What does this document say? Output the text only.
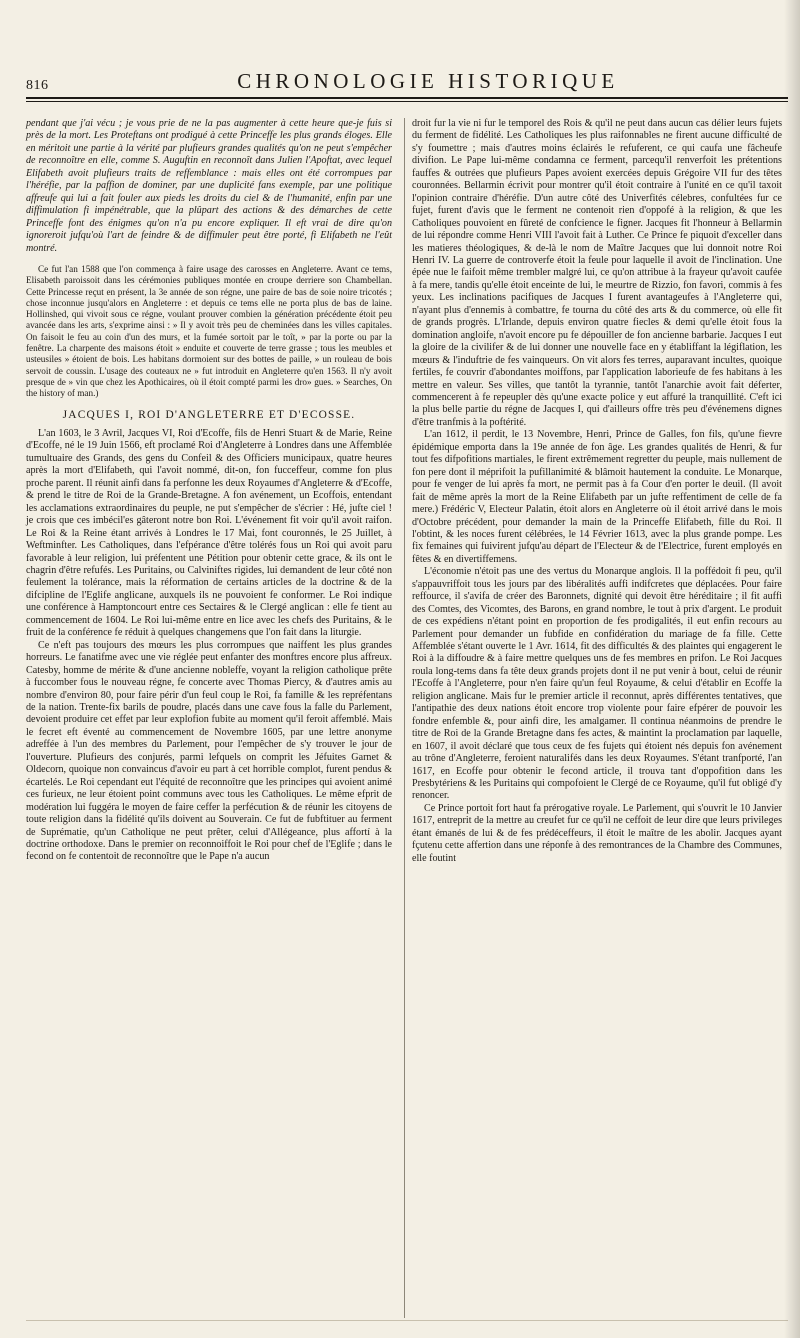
816	CHRONOLOGIE HISTORIQUE

pendant que j'ai vécu ; je vous prie de ne la pas augmenter à cette heure que-je fuis si près de la mort. Les Proteftans ont prodigué à cette Princeffe les plus grands éloges. Elle en méritoit une partie à la vérité par plufieurs grandes qualités qu'on ne peut s'empêcher de reconnoître en elle, comme S. Auguftin en reconnoît dans Julien l'Apoftat, avec lequel Elifabeth avoit plufieurs traits de reffemblance : mais elles ont été corrompues par l'héréfie, par la paffion de dominer, par une duplicité fans exemple, par une politique affreufe qui lui a fait fouler aux pieds les droits du ciel & de l'humanité, enfin par une diffimulation fi impénétrable, que la plûpart des actions & des démarches de cette Princeffe font des énigmes qu'on n'a pu encore expliquer. Il eft vrai de dire qu'on ignoreroit jufqu'où l'art de feindre & de diffimuler peut être porté, fi Elifabeth ne l'eût montré.

Ce fut l'an 1588 que l'on commença à faire usage des carosses en Angleterre. Avant ce tems, Elisabeth paroissoit dans les cérémonies publiques montée en croupe derriere son Chambellan. Cette Princesse reçut en présent, la 3e année de son régne, une paire de bas de soie noire tricotés ; chose inconnue jusqu'alors en Angleterre : et depuis ce tems elle ne porta plus de bas de laine. Hollinshed, qui vivoit sous ce régne, voulant prouver combien la génération précédente étoit peu avancée dans les arts, s'exprime ainsi : » Il y avoit très peu de cheminées dans les villes capitales. On faisoit le feu au coin d'un des murs, et la fumée sortoit par le toît, » par la porte ou par la fenêtre. La charpente des maisons étoit » enduite et couverte de terre grasse ; tous les meubles et usteusiles » étoient de bois. Les habitans dormoient sur des bottes de paille, » un rouleau de bois servoit de coussin. L'usage des couteaux ne » fut introduit en Angleterre qu'en 1563. Il n'y avoit presque de » vin que chez les Apothicaires, où il étoit compté parmi les dro» gues. » Searches, On the history of man.)

JACQUES I, ROI D'ANGLETERRE ET D'ECOSSE.

L'an 1603, le 3 Avril, Jacques VI, Roi d'Ecoffe, fils de Henri Stuart & de Marie, Reine d'Ecoffe, né le 19 Juin 1566, eft proclamé Roi d'Angleterre à Londres dans une Affemblée tumultuaire des Grands, des gens du Confeil & des Officiers municipaux, quatre heures après la mort d'Elifabeth, qui l'avoit nommé, dit-on, fon fucceffeur, comme fon plus proche parent. Il réunit ainfi dans fa perfonne les deux Royaumes d'Angleterre & d'Ecoffe, & prend le titre de Roi de la Grande-Bretagne. A fon avénement, un Ecoffois, entendant les acclamations extraordinaires du peuple, ne put s'empêcher de s'écrier : Hé, jufte ciel ! je crois que ces imbécil'es gâteront notre bon Roi. L'événement fit voir qu'il avoit raifon. Le Roi & la Reine étant arrivés à Londres le 17 Mai, font couronnés, le 25 Juillet, à Weftminfter. Les Catholiques, dans l'efpérance d'être tolérés fous un Roi qui avoit paru favorable à leur religion, lui préfentent une Pétition pour obtenir cette grace, & ils ont le chagrin d'être refufés. Les Puritains, ou Calviniftes rigides, lui demandent de leur côté non feulement la tolérance, mais la réformation de certains articles de la doctrine & de la difcipline de l'Eglife anglicane, auxquels ils ne pouvoient fe conformer. Le Roi indique une conférence à Hamptoncourt entre ces Sectaires & le Clergé anglican : elle fe tient au commencement de 1604. Le Roi lui-même entre en lice avec les chefs des Puritains, & le fruit de la conférence fe réduit à quelques changemens que l'on fait dans la liturgie.

Ce n'eft pas toujours des mœurs les plus corrompues que naiffent les plus grandes horreurs. Le fanatifme avec une vie réglée peut enfanter des monftres encore plus affreux. Catesby, homme de mérite & d'une ancienne nobleffe, voyant la religion catholique prête à fuccomber fous le nouveau régne, fe concerte avec Thomas Piercy, & d'autres amis au nombre d'environ 80, pour faire périr d'un feul coup le Roi, fa famille & les repréfentans de la nation. Trente-fix barils de poudre, placés dans une cave fous la falle du Parlement, devoient produire cet effet par leur explofion fubite au moment qu'il feroit affemblé. Mais le fecret eft éventé au commencement de Novembre 1605, par une lettre anonyme adreffée à l'un des membres du Parlement, pour l'empêcher de s'y trouver le jour de l'ouverture. Plufieurs des conjurés, parmi lefquels on comprit les Jéfuites Garnet & Oldecorn, quoique non convaincus d'avoir eu part à cet horrible complot, furent pendus & écartelés. Le Roi cependant eut l'équité de reconnoître que les principes qui avoient animé ces furieux, ne leur étoient point communs avec tous les Catholiques. Le même efprit de modération lui fuggéra le moyen de faire ceffer la perfécution & de réunir les citoyens de toute religion dans la fidélité qu'ils doivent au Souverain. Ce fut de fubftituer au ferment de Suprématie, qu'un Catholique ne peut prêter, celui d'Allégeance, plus affortí à la doctrine orthodoxe. Dans le premier on reconnoiffoit le Roi pour chef de l'Eglife ; dans le fecond on fe contentoit de reconnoître que le Pape n'a aucun

droit fur la vie ni fur le temporel des Rois & qu'il ne peut dans aucun cas délier leurs fujets du ferment de fidélité. Les Catholiques les plus raifonnables ne firent aucune difficulté de s'y foumettre ; mais d'autres moins éclairés le refuferent, ce qui caufa une fâcheufe divifion. Le Pape lui-même condamna ce ferment, parcequ'il renverfoit les prétentions fauffes & outrées que plufieurs Papes avoient exercées depuis Grégoire VII fur des têtes couronnées. Bellarmin écrivit pour montrer qu'il étoit contraire à l'unité en ce qu'il taxoit l'opinion contraire d'héréfie. D'un autre côté des Univerfités célebres, confultées fur ce fujet, furent d'avis que le ferment ne contenoit rien d'oppofé à la religion, & que les Catholiques pouvoient en fûreté de confcience le figner. Jacques fit l'honneur à Bellarmin de lui répondre comme Henri VIII l'avoit fait à Luther. Ce Prince fe piquoit d'exceller dans les matieres théologiques, & de-là le nom de Maître Jacques que lui donnoit notre Roi Henri IV. La guerre de controverfe étoit la feule pour laquelle il avoit de l'inclination. Une épée nue le faifoit même trembler malgré lui, ce qu'on attribue à la frayeur qu'avoit caufée à fa mere, tandis qu'elle étoit enceinte de lui, le meurtre de Rizzio, fon favori, commis à fes yeux. Les inclinations pacifiques de Jacques I furent avantageufes à l'Angleterre qui, n'ayant plus d'ennemis à combattre, fe tourna du côté des arts & du commerce, où elle fit de grands progrès. L'Irlande, depuis environ quatre fiecles & demi qu'elle étoit fous la domination angloife, n'avoit encore pu fe dépouiller de fon ancienne barbarie. Jacques I eut la gloire de la civilifer & de lui donner une nouvelle face en y établiffant la légiflation, les mœurs & l'induftrie de fes vainqueurs. On vit alors fes terres, auparavant incultes, quoique fertiles, fe couvrir d'abondantes moiffons, par l'application laborieufe de fes habitans à les mettre en valeur. Ses villes, que tantôt la tyrannie, tantôt l'anarchie avoit fait déferter, commencerent à fe repeupler dès qu'une exacte police y eut affuré la tranquillité. C'eft ici la plus belle partie du régne de Jacques I, qui d'ailleurs offre très peu d'événemens dignes d'être tranfmis à la poftérité.

L'an 1612, il perdit, le 13 Novembre, Henri, Prince de Galles, fon fils, qu'une fievre épidémique emporta dans la 19e année de fon âge. Les grandes qualités de Henri, & fur tout fes difpofitions martiales, le firent extrêmement regretter du peuple, mais nullement de fon pere dont il méprifoit la pufillanimité & blâmoit hautement la conduite. Le Monarque, pour fe venger de lui après fa mort, ne permit pas à fa Cour d'en porter le deuil. (Il avoit fait de même après la mort de la Reine Elifabeth par un jufte reffentiment de celle de fa mere.) Frédéric V, Electeur Palatin, étoit alors en Angleterre où il étoit arrivé dans le mois d'Octobre précédent, pour demander la main de la Princeffe Elifabeth, fille du Roi. Il l'obtint, & les noces furent célébrées, le 14 Février 1613, avec la plus grande pompe. Les fix femaines qui fuivirent jufqu'au départ de l'Electeur & de l'Electrice, furent employés en fêtes & en divertiffemens.

L'économie n'étoit pas une des vertus du Monarque anglois. Il la poffédoit fi peu, qu'il s'appauvriffoit tous les jours par des libéralités auffi indifcretes que déplacées. Pour faire reffource, il s'avifa de créer des Baronnets, dignité qui devoit être héréditaire ; il fit auffi des Comtes, des Vicomtes, des Barons, en grand nombre, le tout à prix d'argent. Le produit de ces expédiens n'étant point en proportion de fes prodigalités, il eut enfin recours au Parlement pour demander un fubfide en confidération du mariage de fa fille. Cette Affemblée s'étant ouverte le 1 Avr. 1614, fit des difficultés & des plaintes qui engagerent le Roi à la diffoudre & à faire mettre quelques uns de fes membres en prifon. Le Roi Jacques roula long-tems dans fa tête deux grands projets dont il ne put venir à bout, celui de réunir l'Ecoffe à l'Angleterre, pour n'en faire qu'un feul Royaume, & celui d'établir en Ecoffe la religion anglicane. Mais fur le premier article il reconnut, après différentes tentatives, que l'antipathie des deux nations étoit encore trop violente pour faire efpérer de pouvoir les fondre enfemble &, pour ainfi dire, les amalgamer. Il continua néanmoins de prendre le titre de Roi de la Grande Bretagne dans fes actes, & maintint la proclamation par laquelle, en 1607, il avoit déclaré que tous ceux de fes fujets qui étoient nés depuis fon avénement au trône d'Angleterre, feroient naturalifés dans les deux Royaumes. S'étant tranfporté, l'an 1617, en Ecoffe pour obtenir le fecond article, il trouva tant d'oppofition dans les Presbytériens & les Puritains qui compofoient le Clergé de ce Royaume, qu'il fut obligé d'y renoncer.

Ce Prince portoit fort haut fa prérogative royale. Le Parlement, qui s'ouvrit le 10 Janvier 1617, entreprit de la mettre au creufet fur ce qu'il ne ceffoit de leur dire que leurs privileges étant émanés de lui & de fes prédéceffeurs, il étoit le maître de les abolir. Jacques ayant fçutenu cette affertion dans une réponfe à des remontrances de la Chambre des Communes, elle foutint
